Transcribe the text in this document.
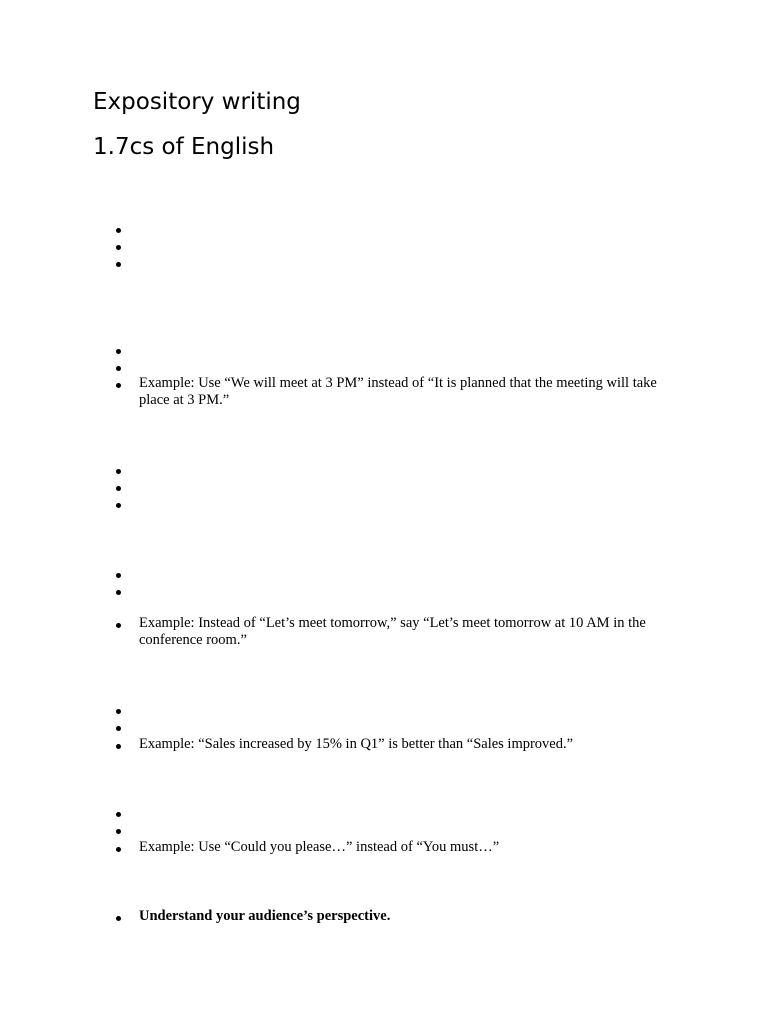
Expository writing
1.7cs of English
Example: Use “We will meet at 3 PM” instead of “It is planned that the meeting will take place at 3 PM.”
Example: Instead of “Let’s meet tomorrow,” say “Let’s meet tomorrow at 10 AM in the conference room.”
Example: “Sales increased by 15% in Q1” is better than “Sales improved.”
Example: Use “Could you please…” instead of “You must…”
Understand your audience’s perspective.
